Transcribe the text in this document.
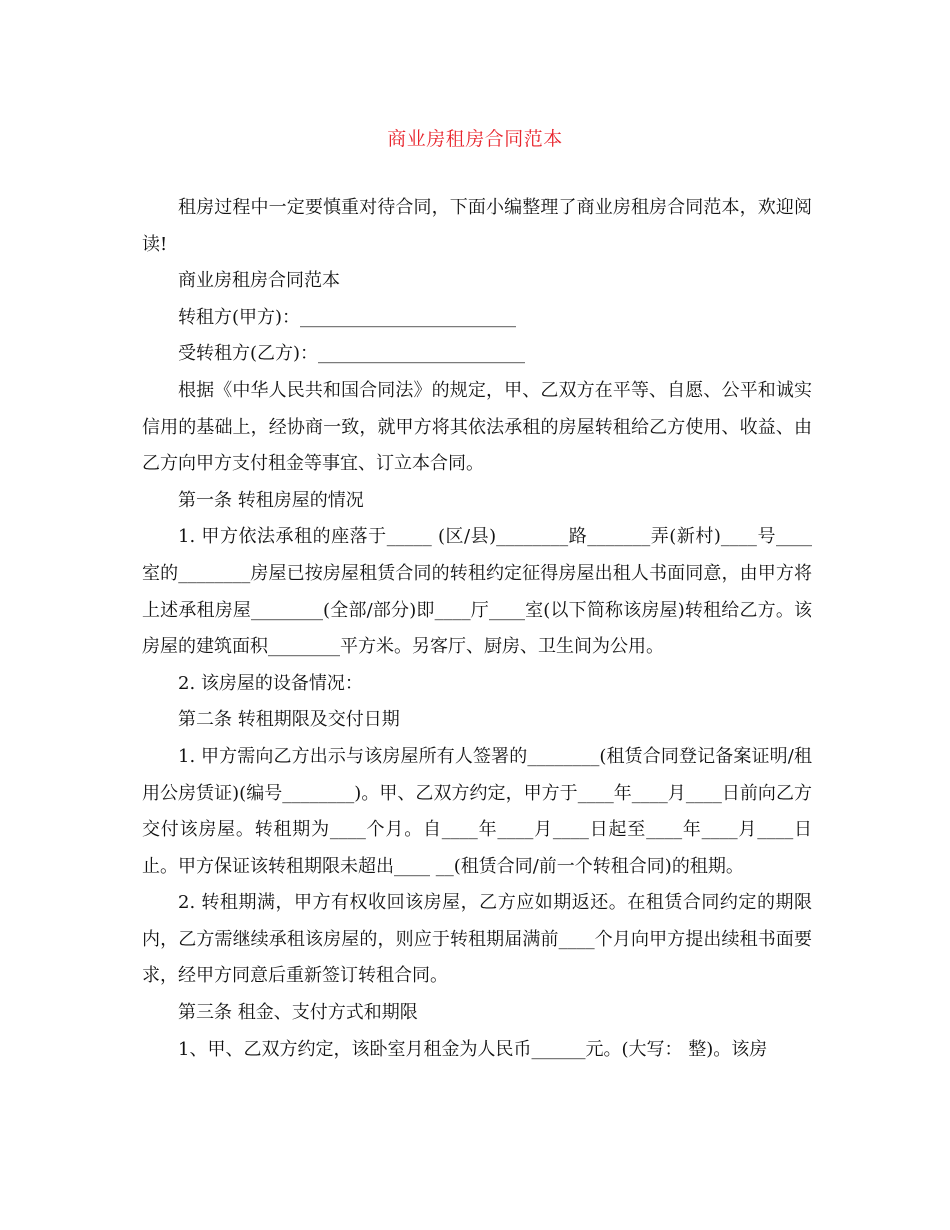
商业房租房合同范本

租房过程中一定要慎重对待合同，下面小编整理了商业房租房合同范本，欢迎阅读!

商业房租房合同范本

转租方(甲方)：________________________

受转租方(乙方)：_______________________

根据《中华人民共和国合同法》的规定，甲、乙双方在平等、自愿、公平和诚实信用的基础上，经协商一致，就甲方将其依法承租的房屋转租给乙方使用、收益、由乙方向甲方支付租金等事宜、订立本合同。

第一条 转租房屋的情况

1. 甲方依法承租的座落于_____ (区/县)________路_______弄(新村)____号____室的________房屋已按房屋租赁合同的转租约定征得房屋出租人书面同意，由甲方将上述承租房屋________(全部/部分)即____厅____室(以下简称该房屋)转租给乙方。该房屋的建筑面积________平方米。另客厅、厨房、卫生间为公用。

2. 该房屋的设备情况：

第二条 转租期限及交付日期

1. 甲方需向乙方出示与该房屋所有人签署的________(租赁合同登记备案证明/租用公房赁证)(编号________)。甲、乙双方约定，甲方于____年____月____日前向乙方交付该房屋。转租期为____个月。自____年____月____日起至____年____月____日止。甲方保证该转租期限未超出____ __(租赁合同/前一个转租合同)的租期。

2. 转租期满，甲方有权收回该房屋，乙方应如期返还。在租赁合同约定的期限内，乙方需继续承租该房屋的，则应于转租期届满前____个月向甲方提出续租书面要求，经甲方同意后重新签订转租合同。

第三条 租金、支付方式和期限

1、甲、乙双方约定，该卧室月租金为人民币______元。(大写： 整)。该房
